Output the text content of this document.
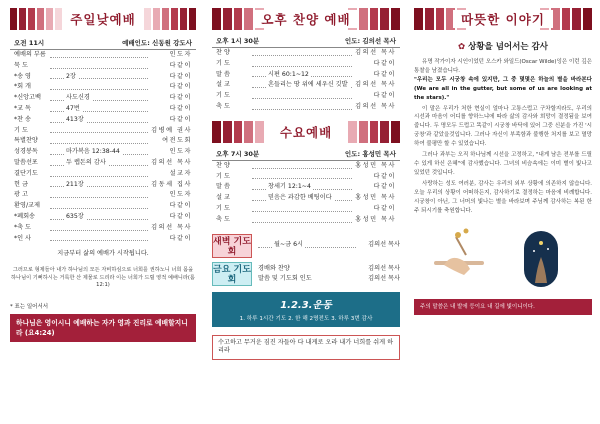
주일낮예배
오전 11시	예배인도: 신동원 강도사
예배의 부름	인도자
묵 도	다같이
*송 영	2장	다같이
*회 개	다같이
*신앙고백	사도신경	다같이
*교 독	47번	다같이
*찬 송	413장	다같이
기 도	김병예 권사
특별찬양	여전도회
성경봉독	마가복음 12:38-44	인도자
말씀선포	두 렙돈의 감사	김의선 목사
결단기도	설교자
헌 금	211장	김동세 집사
광 고	인도자
환영/교제	다같이
*폐회송	635장	다같이
*축 도	김의선 목사
*인 사	다같이
지금부터 삶의 예배가 시작됩니다.
그러므로 형제들아 내가 하나님의 모든 자비하심으로 너희를 권하노니 너희 몸을 하나님이 기뻐하시는 거룩한 산 제물로 드리라 이는 너희가 드릴 영적 예배니라(롬 12:1)
* 표는 일어서서
하나님은 영이시니 예배하는 자가 영과 진리로 예배할지니라 (요4:24)
오후 찬양 예배
오후 1시 30분	인도: 김의선 목사
찬 양	김의선 목사
기 도	다같이
말 씀	시편 60:1~12	다같이
설 교	흔들리는 땅 위에 세우신 깃발	김의선 목사
기 도	다같이
축 도	김의선 목사
수요예배
오후 7시 30분	인도: 홍성민 목사
찬 양	홍성민 목사
기 도	다같이
말 씀	창세기 12:1~4	다같이
설 교	믿음은 과감한 베팅이다	홍성민 목사
기 도	다같이
축 도	홍성민 목사
새벽 기도회
월~금 6시	김의선 목사
금요 기도회
경배와 찬양	김의선 목사
말씀 및 기도회 인도	김의선 목사
1.2.3.운동
1. 하루 1시간 기도 2. 한 해 2명전도 3. 하루 3번 감사
수고하고 무거운 짐진 자들아 다 내게로 오라 내가 너희를 쉬게 하리라
따뜻한 이야기
✿ 상황을 넘어서는 감사
유명 작가이자 시인이었던 오스카 와일드(Oscar Wilde)잉은 이런 깊은 통찰을 남겼습니다.
"우리는 모두 시궁창 속에 있지만, 그 중 몇몇은 하늘의 별을 바라본다 (We are all in the gutter, but some of us are looking at the stars)."
이 말은 우리가 처한 현실이 얼마나 고통스럽고 구차할지라도, 우리의 시선과 마음이 어디를 향하느냐에 따라 삶의 감사와 희망이 결정됨을 보여줍니다. 두 명모두 드럽고 똑같이 시궁창 바닥에 있어 그중 신분을 가진 '시궁창'과 같았을것입니다. 그러나 자신이 부족함과 불행한 처지를 보고 멸망하여 불평만 할 수 있었습니다.
그러나 과부는 오직 하나님께 시선을 고정하고, "내게 남은 전부를 드릴 수 있게 하신 은혜"에 감사했습니다. 그녀의 비슴속에는 이미 별이 빛나고 있었던 것입니다.
사랑하는 성도 여러분, 감사는 우리의 외부 상황에 의존하지 않습니다. 오늘 우리의 상황이 어떠하든지, 감사하기로 결정하는 마음에 비례합니다. 시궁창이 아닌, 그 너머의 빛나는 별을 바라보며 주님께 감사하는 복된 한 주 되시기를 축원합니다.
주의 말씀은 내 발에 등이요 내 길에 빛이니이다.
